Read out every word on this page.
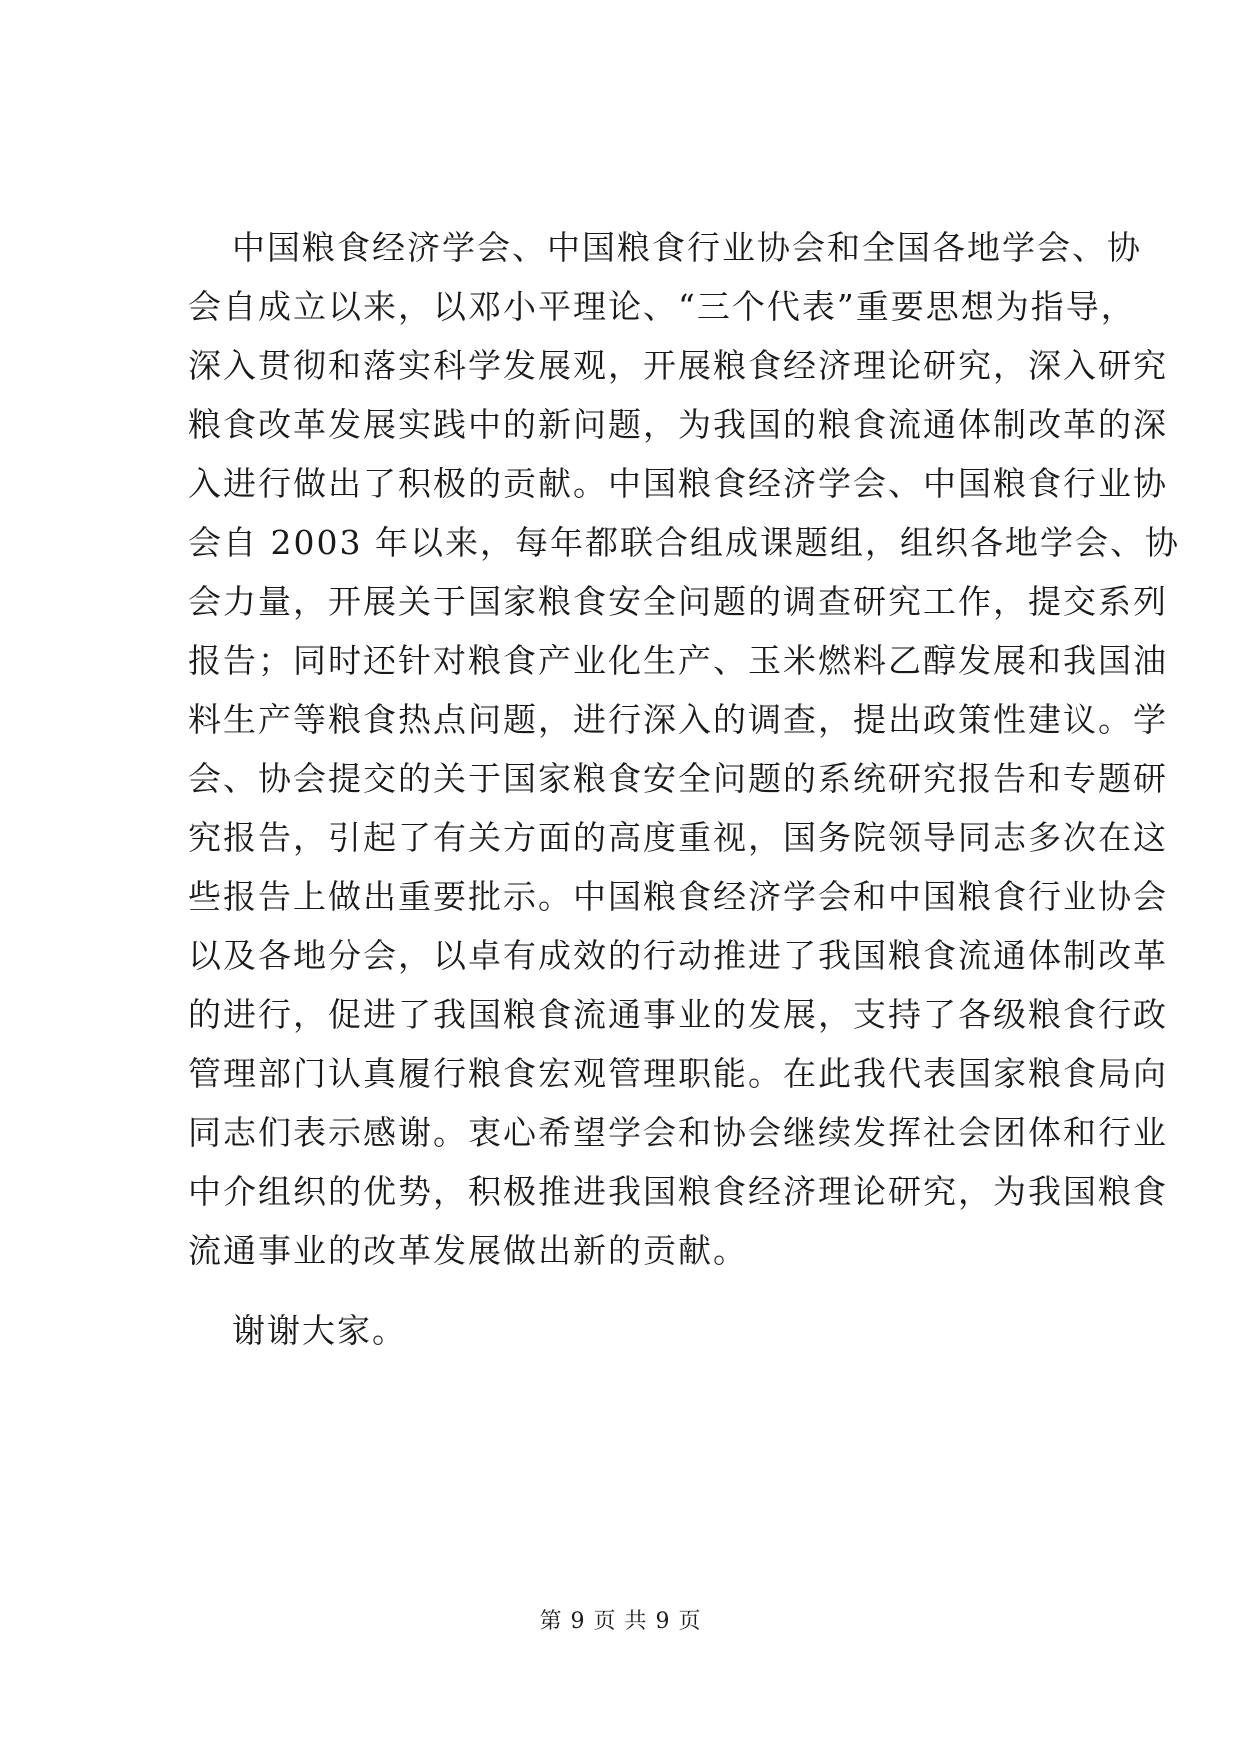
中国粮食经济学会、中国粮食行业协会和全国各地学会、协
会自成立以来，以邓小平理论、“三个代表”重要思想为指导，
深入贯彻和落实科学发展观，开展粮食经济理论研究，深入研究
粮食改革发展实践中的新问题，为我国的粮食流通体制改革的深
入进行做出了积极的贡献。中国粮食经济学会、中国粮食行业协
会自 2003 年以来，每年都联合组成课题组，组织各地学会、协
会力量，开展关于国家粮食安全问题的调查研究工作，提交系列
报告；同时还针对粮食产业化生产、玉米燃料乙醇发展和我国油
料生产等粮食热点问题，进行深入的调查，提出政策性建议。学
会、协会提交的关于国家粮食安全问题的系统研究报告和专题研
究报告，引起了有关方面的高度重视，国务院领导同志多次在这
些报告上做出重要批示。中国粮食经济学会和中国粮食行业协会
以及各地分会，以卓有成效的行动推进了我国粮食流通体制改革
的进行，促进了我国粮食流通事业的发展，支持了各级粮食行政
管理部门认真履行粮食宏观管理职能。在此我代表国家粮食局向
同志们表示感谢。衷心希望学会和协会继续发挥社会团体和行业
中介组织的优势，积极推进我国粮食经济理论研究，为我国粮食
流通事业的改革发展做出新的贡献。
谢谢大家。
第 9 页 共 9 页
